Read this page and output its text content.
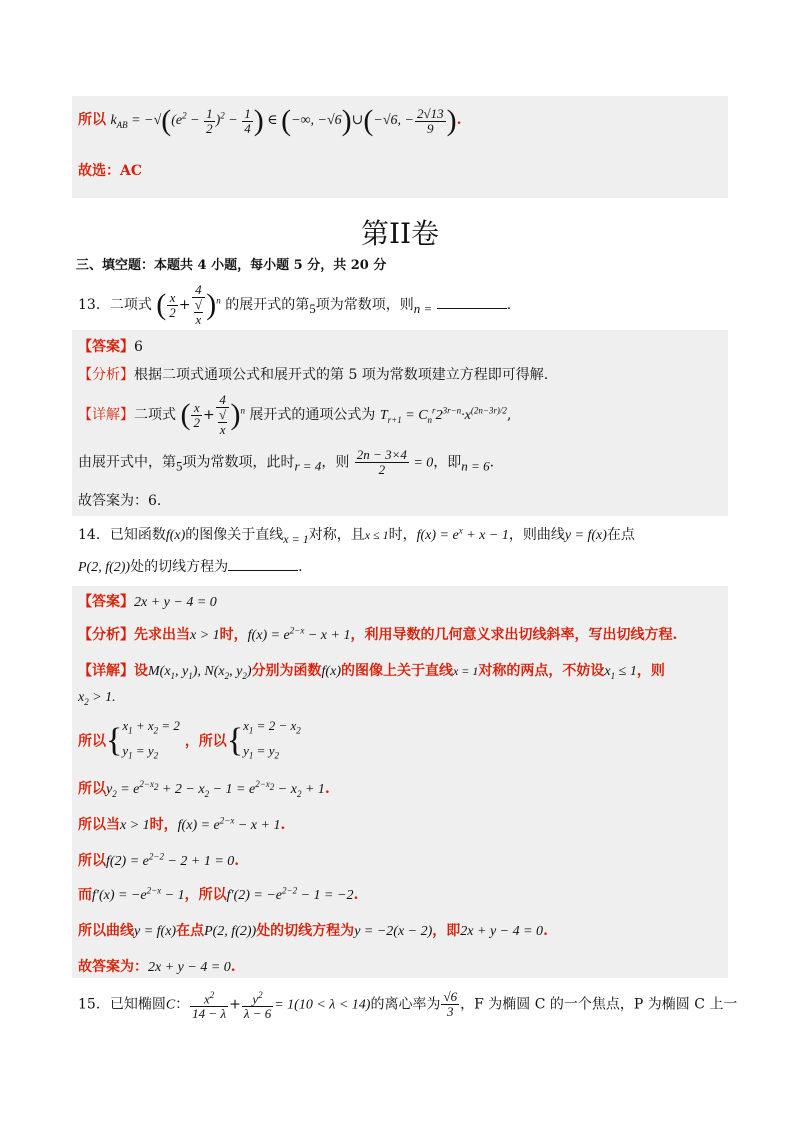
所以 $k_{AB} = -√((e^2 - \frac{1}{2} )^2 - \frac{1}{4}$ ) ∈ (−∞, −√6)∪(−√6, − $\frac{2√13}{9}$ ).
故选：AC
第II卷
三、填空题：本题共 4 小题，每小题 5 分，共 20 分
13．二项式 ( $\frac{x}{2} + 4$
√
x )$^n$ 的展开式的第$_5$项为常数项，则$_{n =}$	.
【答案】6
【分析】根据二项式通项公式和展开式的第 5 项为常数项建立方程即可得解.
【详解】二项式 ( $\frac{x}{2} + 4$
√
x )$^n$ 展开式的通项公式为 $T_{r+1} = C_n^r2^{3r-n}\cdot x^{(2n-3r)/2}$,
由展开式中，第$_5$项为常数项，此时$_{r = 4}$，则 $\frac{2n - 3\times 4}{2} = 0$，即$_{n = 6}$.
故答案为：6.
14．已知函数f(x)的图像关于直线$_{x = 1}$对称，且x ≤ 1时，$f(x) = e^x + x - 1$，则曲线y = f(x)在点
P(2, f(2))处的切线方程为	.
【答案】2x + y − 4 = 0
【分析】先求出当x > 1时，$f(x) = e^{2-x} - x + 1$，利用导数的几何意义求出切线斜率，写出切线方程.
【详解】设$M(x_1$, $y_1$), $N(x_2$, $y_2$)分别为函数f(x)的图像上关于直线x = 1对称的两点，不妨设$x_1 \le 1$，则
$x_2 > 1$.
所以{$x_1 + x_2 = 2$
$y_1 = y_2$ ，所以{$x_1 = 2 - x_2$
$y_1 = y_2$
所以$y_2 = e^{2-x_2} + 2 - x_2 - 1 = e^{2-x_2} - x_2 + 1$.
所以当x > 1时，$f(x) = e^{2-x} - x + 1$.
所以$f(2) = e^{2-2} - 2 + 1 = 0$.
而$f'(x) = -e^{2-x} - 1$，所以$f'(2) = -e^{2-2} - 1 = -2$.
所以曲线y = f(x)在点P(2, f(2))处的切线方程为y = −2(x − 2)，即2x + y − 4 = 0.
故答案为：2x + y − 4 = 0.
15．已知椭圆C： $\frac{x^2}{14 - \lambda} + \frac{y^2}{\lambda - 6} = 1(10 < \lambda < 14)$的离心率为 $\frac{√6}{3}$ ，F 为椭圆 C 的一个焦点，P 为椭圆 C 上一
